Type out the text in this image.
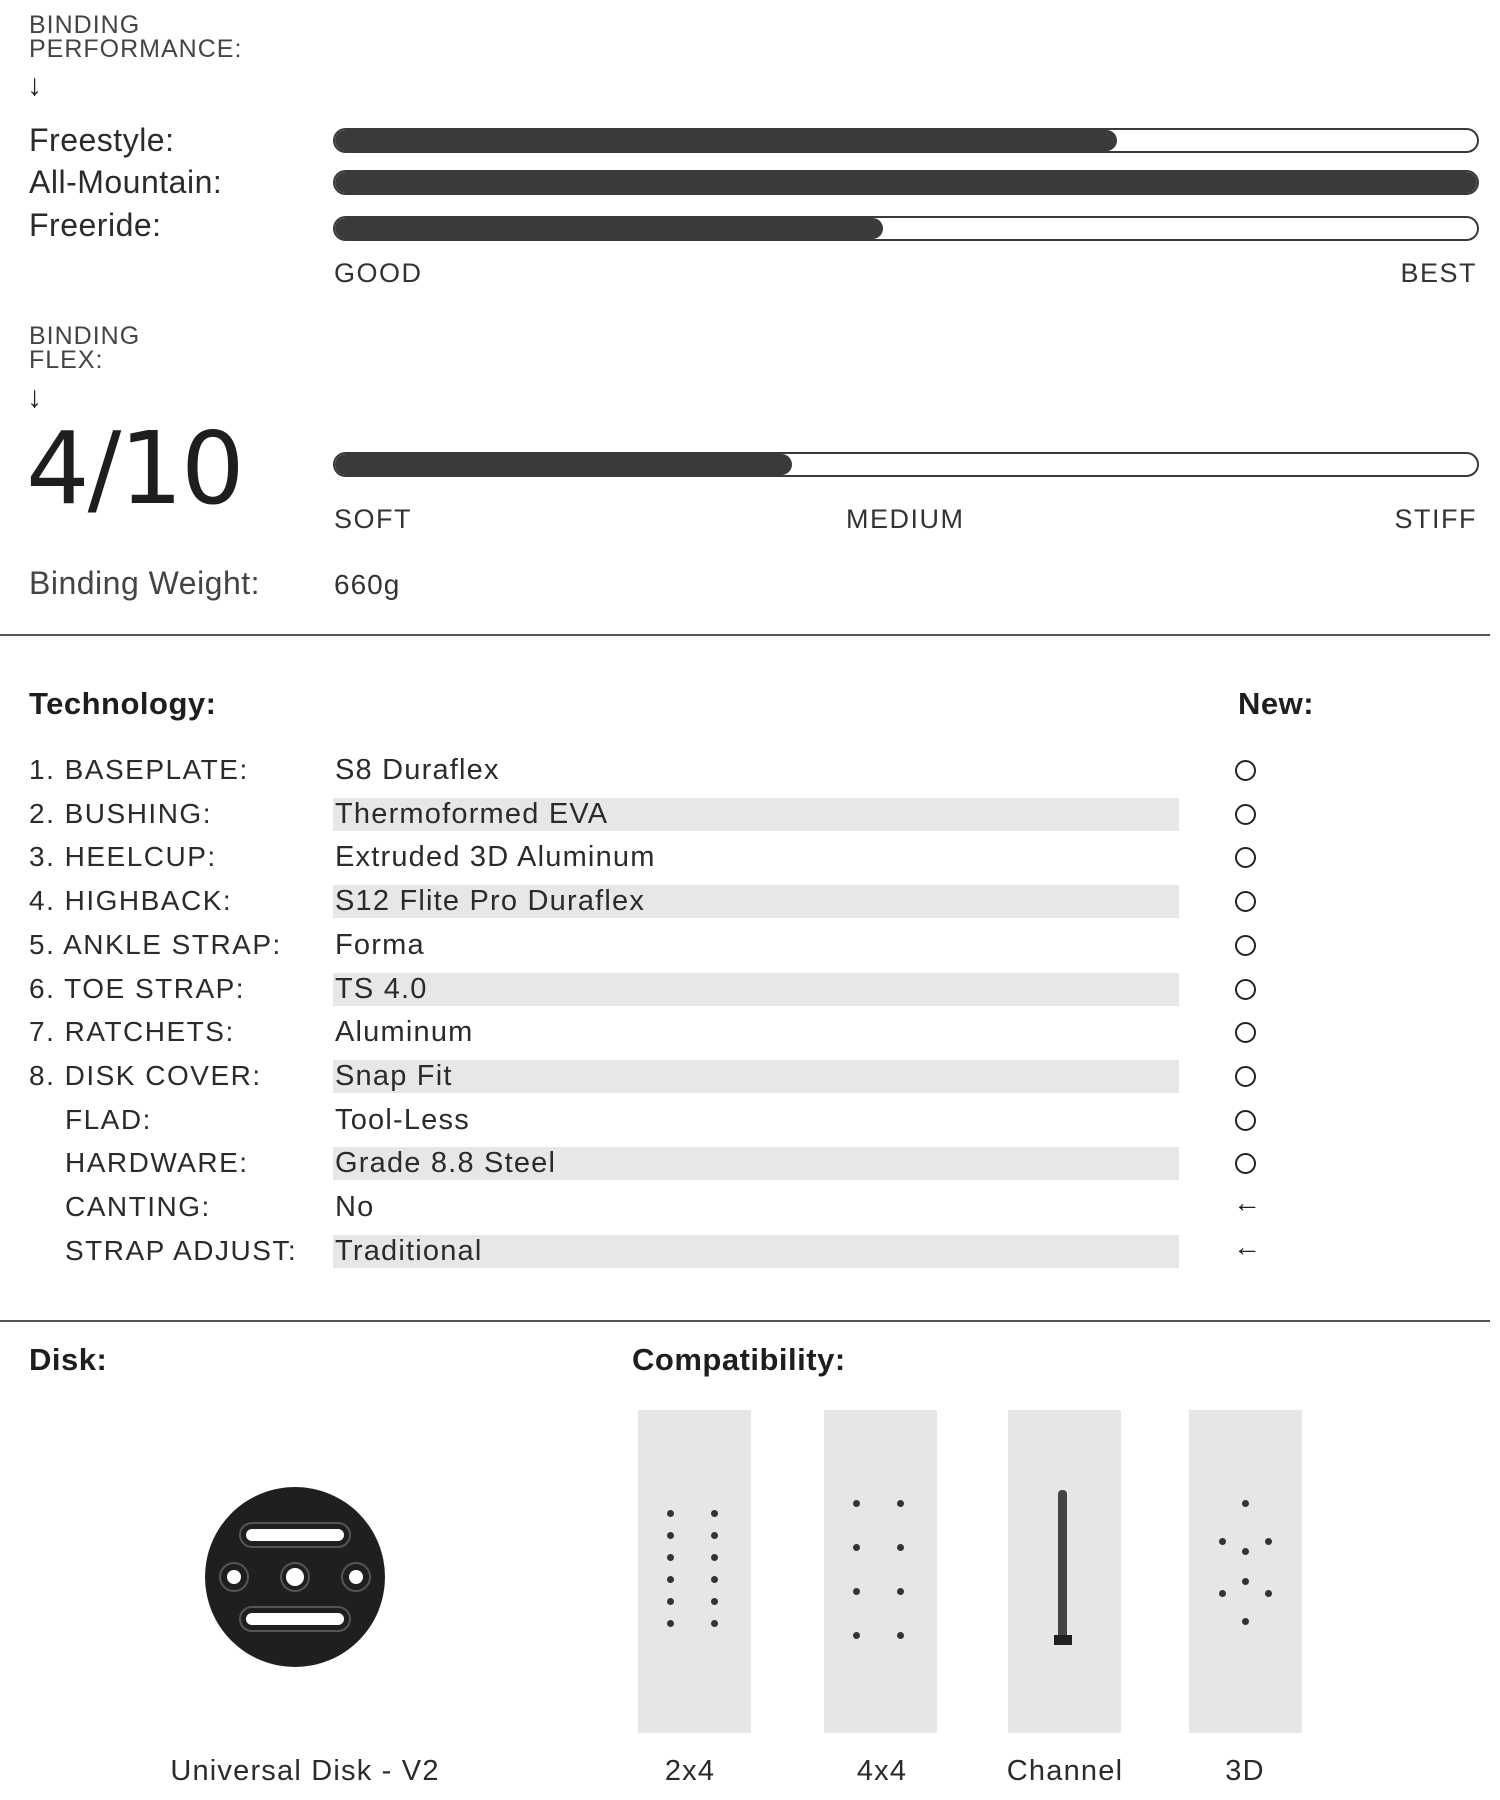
BINDING
PERFORMANCE:
↓
Freestyle:
All-Mountain:
Freeride:
GOOD	BEST
BINDING
FLEX:
↓
4/10	SOFT	MEDIUM	STIFF
Binding Weight:	660g
Technology:	New:
1. BASEPLATE:	S8 Duraflex
2. BUSHING:	Thermoformed EVA
3. HEELCUP:	Extruded 3D Aluminum
4. HIGHBACK:	S12 Flite Pro Duraflex
5. ANKLE STRAP: Forma
6. TOE STRAP:	TS 4.0
7. RATCHETS:	Aluminum
8. DISK COVER:	Snap Fit
FLAD:	Tool-Less
HARDWARE:	Grade 8.8 Steel
CANTING:	No	←
STRAP ADJUST: Traditional	←
Disk:
Universal Disk - V2
Compatibility:
2x4	4x4	Channel	3D
